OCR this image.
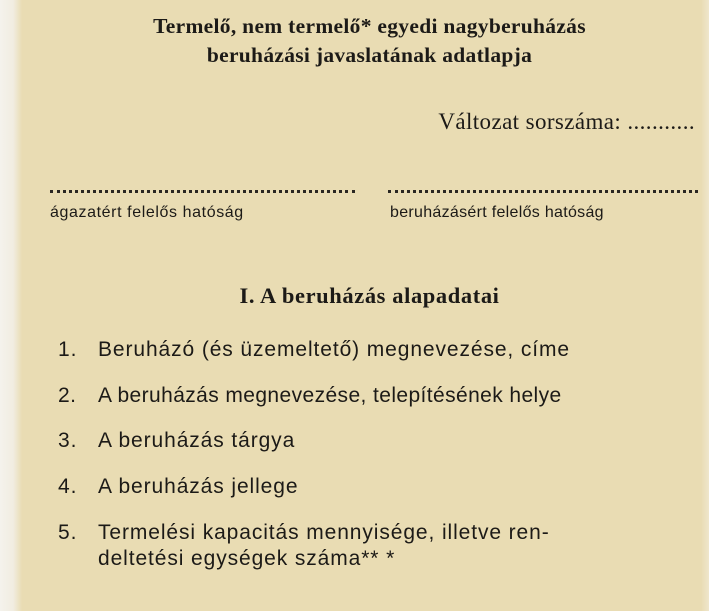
Termelő, nem termelő* egyedi nagyberuházás
beruházási javaslatának adatlapja
Változat sorszáma: ...........
ágazatért felelős hatóság	beruházásért felelős hatóság
I. A beruházás alapadatai
1. Beruházó (és üzemeltető) megnevezése, címe
2. A beruházás megnevezése, telepítésének helye
3. A beruházás tárgya
4. A beruházás jellege
5. Termelési kapacitás mennyisége, illetve ren-
deltetési egységek száma** *
